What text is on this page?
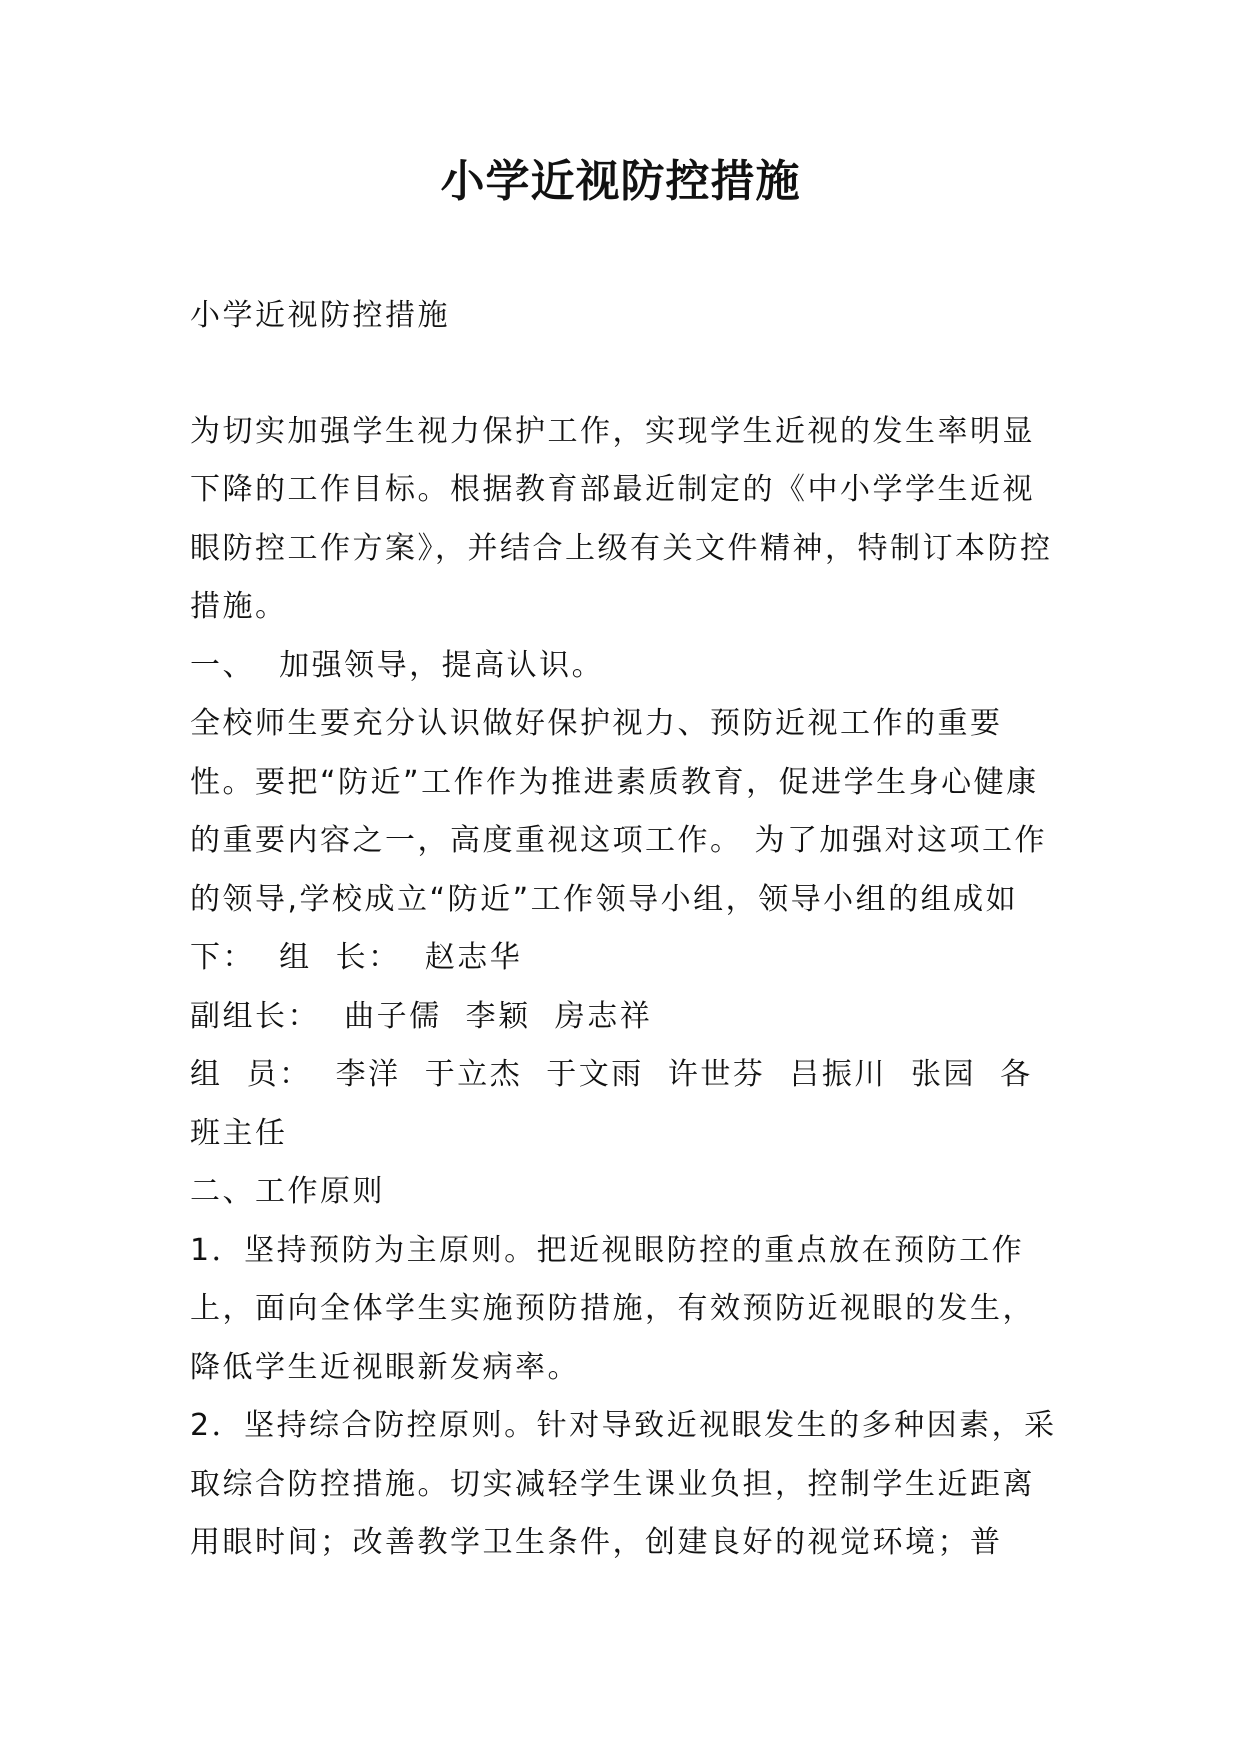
小学近视防控措施

小学近视防控措施

为切实加强学生视力保护工作，实现学生近视的发生率明显下降的工作目标。根据教育部最近制定的《中小学学生近视眼防控工作方案》，并结合上级有关文件精神，特制订本防控措施。

一、  加强领导，提高认识。

全校师生要充分认识做好保护视力、预防近视工作的重要性。要把“防近”工作作为推进素质教育，促进学生身心健康的重要内容之一，高度重视这项工作。 为了加强对这项工作的领导,学校成立“防近”工作领导小组，领导小组的组成如下：  组  长：  赵志华

副组长：  曲子儒  李颖  房志祥

组  员：  李洋  于立杰  于文雨  许世芬  吕振川  张园  各班主任

二、工作原则

1．坚持预防为主原则。把近视眼防控的重点放在预防工作上，面向全体学生实施预防措施，有效预防近视眼的发生，降低学生近视眼新发病率。

2．坚持综合防控原则。针对导致近视眼发生的多种因素，采取综合防控措施。切实减轻学生课业负担，控制学生近距离用眼时间；改善教学卫生条件，创建良好的视觉环境；普
